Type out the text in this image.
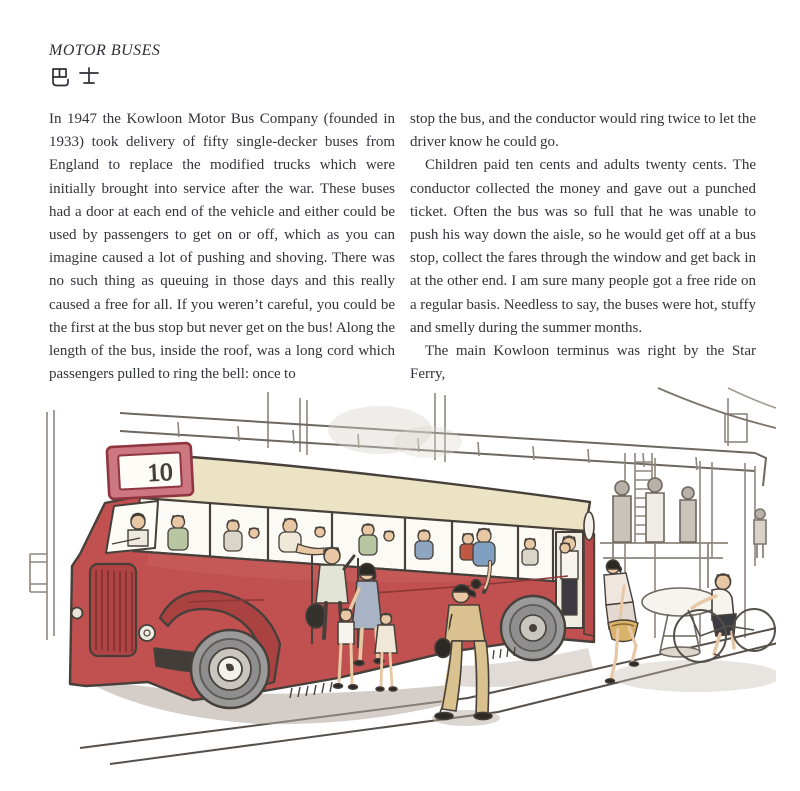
MOTOR BUSES

In 1947 the Kowloon Motor Bus Company (founded in 1933) took delivery of fifty single-decker buses from England to replace the modified trucks which were initially brought into service after the war. These buses had a door at each end of the vehicle and either could be used by passengers to get on or off, which as you can imagine caused a lot of pushing and shoving. There was no such thing as queuing in those days and this really caused a free for all. If you weren’t careful, you could be the first at the bus stop but never get on the bus! Along the length of the bus, inside the roof, was a long cord which passengers pulled to ring the bell: once to

stop the bus, and the conductor would ring twice to let the driver know he could go.

Children paid ten cents and adults twenty cents. The conductor collected the money and gave out a punched ticket. Often the bus was so full that he was unable to push his way down the aisle, so he would get off at a bus stop, collect the fares through the window and get back in at the other end. I am sure many people got a free ride on a regular basis. Needless to say, the buses were hot, stuffy and smelly during the summer months.

The main Kowloon terminus was right by the Star Ferry,

10
